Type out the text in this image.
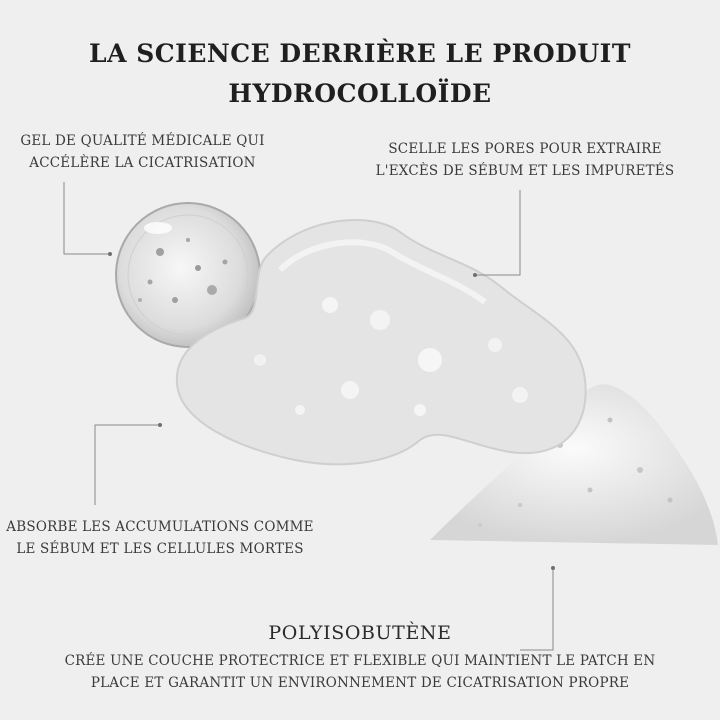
LA SCIENCE DERRIÈRE LE PRODUIT
HYDROCOLLOÏDE
GEL DE QUALITÉ MÉDICALE QUI
ACCÉLÈRE LA CICATRISATION
SCELLE LES PORES POUR EXTRAIRE
L'EXCÈS DE SÉBUM ET LES IMPURETÉS
ABSORBE LES ACCUMULATIONS COMME
LE SÉBUM ET LES CELLULES MORTES
POLYISOBUTÈNE
CRÉE UNE COUCHE PROTECTRICE ET FLEXIBLE QUI MAINTIENT LE PATCH EN
PLACE ET GARANTIT UN ENVIRONNEMENT DE CICATRISATION PROPRE
